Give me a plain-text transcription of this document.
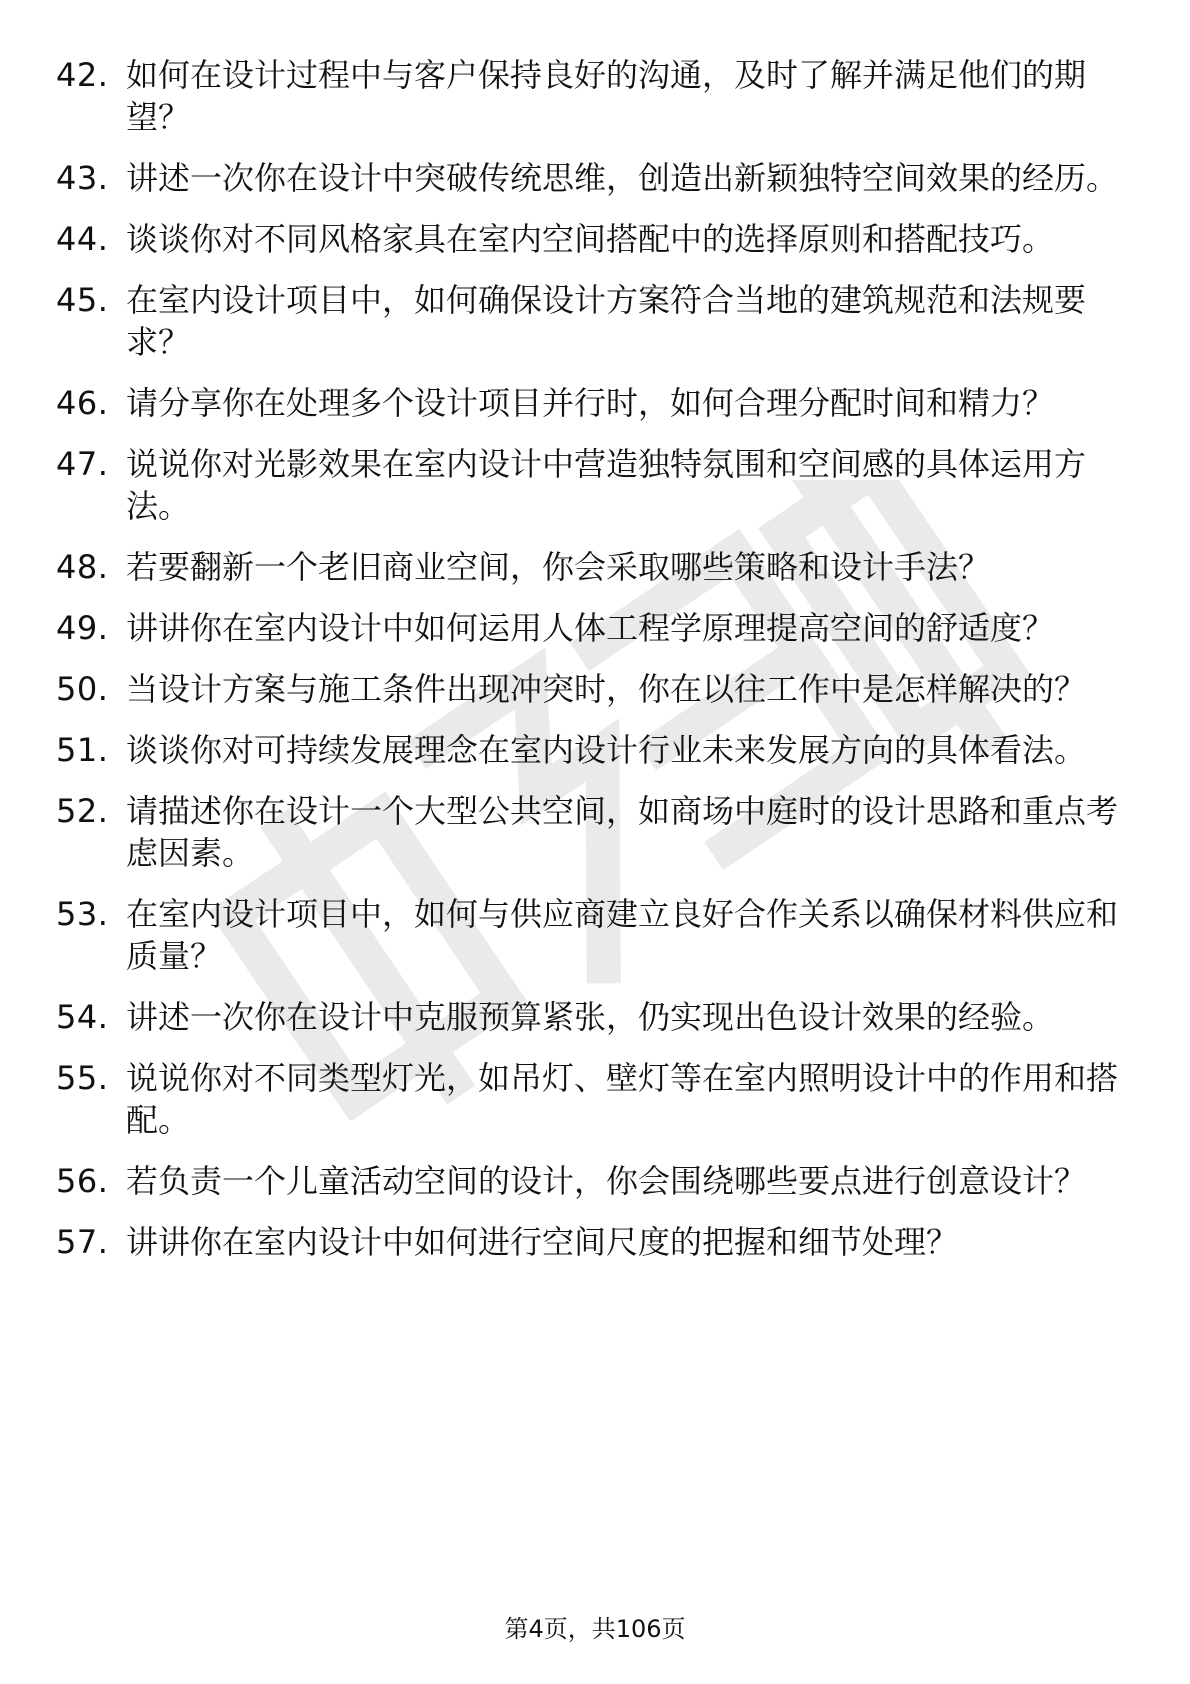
42. 如何在设计过程中与客户保持良好的沟通，及时了解并满足他们的期望？
43. 讲述一次你在设计中突破传统思维，创造出新颖独特空间效果的经历。
44. 谈谈你对不同风格家具在室内空间搭配中的选择原则和搭配技巧。
45. 在室内设计项目中，如何确保设计方案符合当地的建筑规范和法规要求？
46. 请分享你在处理多个设计项目并行时，如何合理分配时间和精力？
47. 说说你对光影效果在室内设计中营造独特氛围和空间感的具体运用方法。
48. 若要翻新一个老旧商业空间，你会采取哪些策略和设计手法？
49. 讲讲你在室内设计中如何运用人体工程学原理提高空间的舒适度？
50. 当设计方案与施工条件出现冲突时，你在以往工作中是怎样解决的？
51. 谈谈你对可持续发展理念在室内设计行业未来发展方向的具体看法。
52. 请描述你在设计一个大型公共空间，如商场中庭时的设计思路和重点考虑因素。
53. 在室内设计项目中，如何与供应商建立良好合作关系以确保材料供应和质量？
54. 讲述一次你在设计中克服预算紧张，仍实现出色设计效果的经验。
55. 说说你对不同类型灯光，如吊灯、壁灯等在室内照明设计中的作用和搭配。
56. 若负责一个儿童活动空间的设计，你会围绕哪些要点进行创意设计？
57. 讲讲你在室内设计中如何进行空间尺度的把握和细节处理？
第4页，共106页
